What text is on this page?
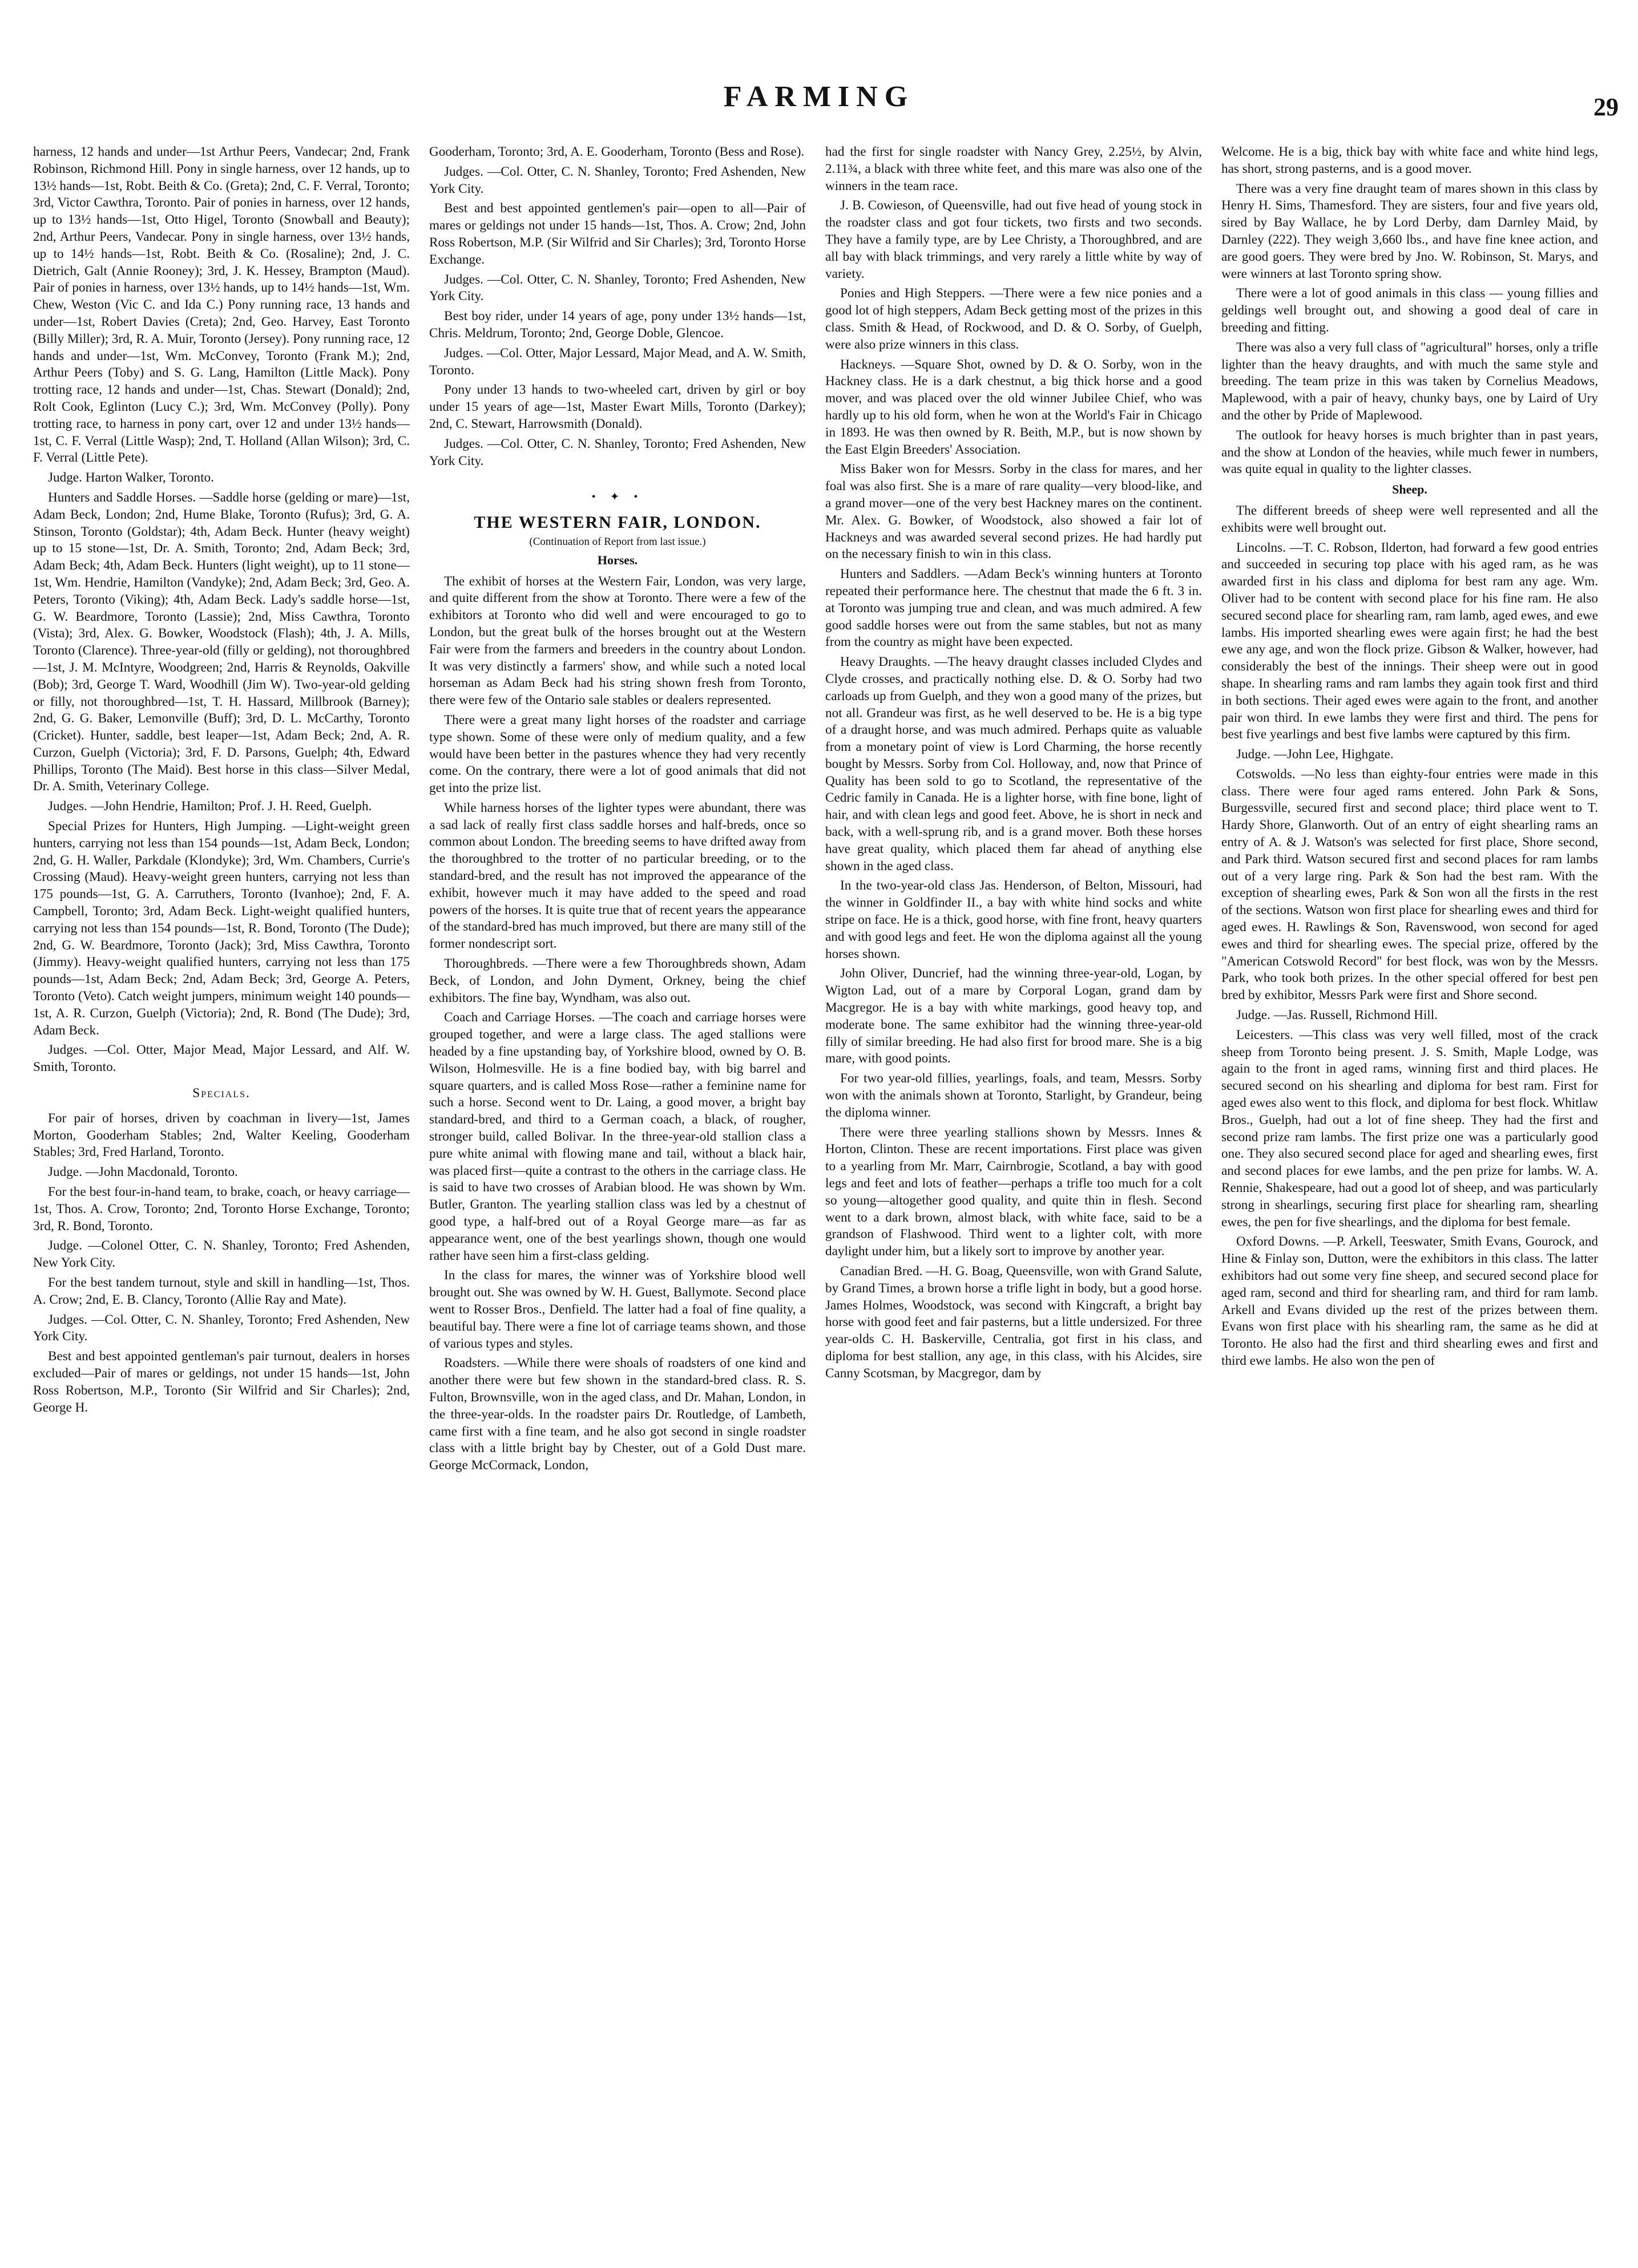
FARMING	29

harness, 12 hands and under—1st Arthur Peers, Vandecar; 2nd, Frank Robinson, Richmond Hill. Pony in single harness, over 12 hands, up to 13½ hands—1st, Robt. Beith & Co. (Greta); 2nd, C. F. Verral, Toronto; 3rd, Victor Cawthra, Toronto. Pair of ponies in harness, over 12 hands, up to 13½ hands—1st, Otto Higel, Toronto (Snowball and Beauty); 2nd, Arthur Peers, Vandecar. Pony in single harness, over 13½ hands, up to 14½ hands—1st, Robt. Beith & Co. (Rosaline); 2nd, J. C. Dietrich, Galt (Annie Rooney); 3rd, J. K. Hessey, Brampton (Maud). Pair of ponies in harness, over 13½ hands, up to 14½ hands—1st, Wm. Chew, Weston (Vic C. and Ida C.) Pony running race, 13 hands and under—1st, Robert Davies (Creta); 2nd, Geo. Harvey, East Toronto (Billy Miller); 3rd, R. A. Muir, Toronto (Jersey). Pony running race, 12 hands and under—1st, Wm. McConvey, Toronto (Frank M.); 2nd, Arthur Peers (Toby) and S. G. Lang, Hamilton (Little Mack). Pony trotting race, 12 hands and under—1st, Chas. Stewart (Donald); 2nd, Rolt Cook, Eglinton (Lucy C.); 3rd, Wm. McConvey (Polly). Pony trotting race, to harness in pony cart, over 12 and under 13½ hands—1st, C. F. Verral (Little Wasp); 2nd, T. Holland (Allan Wilson); 3rd, C. F. Verral (Little Pete).

Judge. Harton Walker, Toronto.

Hunters and Saddle Horses. —Saddle horse (gelding or mare)—1st, Adam Beck, London; 2nd, Hume Blake, Toronto (Rufus); 3rd, G. A. Stinson, Toronto (Goldstar); 4th, Adam Beck. Hunter (heavy weight) up to 15 stone—1st, Dr. A. Smith, Toronto; 2nd, Adam Beck; 3rd, Adam Beck; 4th, Adam Beck. Hunters (light weight), up to 11 stone—1st, Wm. Hendrie, Hamilton (Vandyke); 2nd, Adam Beck; 3rd, Geo. A. Peters, Toronto (Viking); 4th, Adam Beck. Lady's saddle horse—1st, G. W. Beardmore, Toronto (Lassie); 2nd, Miss Cawthra, Toronto (Vista); 3rd, Alex. G. Bowker, Woodstock (Flash); 4th, J. A. Mills, Toronto (Clarence). Three-year-old (filly or gelding), not thoroughbred—1st, J. M. McIntyre, Woodgreen; 2nd, Harris & Reynolds, Oakville (Bob); 3rd, George T. Ward, Woodhill (Jim W). Two-year-old gelding or filly, not thoroughbred—1st, T. H. Hassard, Millbrook (Barney); 2nd, G. G. Baker, Lemonville (Buff); 3rd, D. L. McCarthy, Toronto (Cricket). Hunter, saddle, best leaper—1st, Adam Beck; 2nd, A. R. Curzon, Guelph (Victoria); 3rd, F. D. Parsons, Guelph; 4th, Edward Phillips, Toronto (The Maid). Best horse in this class—Silver Medal, Dr. A. Smith, Veterinary College.

Judges. —John Hendrie, Hamilton; Prof. J. H. Reed, Guelph.

Special Prizes for Hunters, High Jumping. —Light-weight green hunters, carrying not less than 154 pounds—1st, Adam Beck, London; 2nd, G. H. Waller, Parkdale (Klondyke); 3rd, Wm. Chambers, Currie's Crossing (Maud). Heavy-weight green hunters, carrying not less than 175 pounds—1st, G. A. Carruthers, Toronto (Ivanhoe); 2nd, F. A. Campbell, Toronto; 3rd, Adam Beck. Light-weight qualified hunters, carrying not less than 154 pounds—1st, R. Bond, Toronto (The Dude); 2nd, G. W. Beardmore, Toronto (Jack); 3rd, Miss Cawthra, Toronto (Jimmy). Heavy-weight qualified hunters, carrying not less than 175 pounds—1st, Adam Beck; 2nd, Adam Beck; 3rd, George A. Peters, Toronto (Veto). Catch weight jumpers, minimum weight 140 pounds—1st, A. R. Curzon, Guelph (Victoria); 2nd, R. Bond (The Dude); 3rd, Adam Beck.

Judges. —Col. Otter, Major Mead, Major Lessard, and Alf. W. Smith, Toronto.

Specials.

For pair of horses, driven by coachman in livery—1st, James Morton, Gooderham Stables; 2nd, Walter Keeling, Gooderham Stables; 3rd, Fred Harland, Toronto.

Judge. —John Macdonald, Toronto.

For the best four-in-hand team, to brake, coach, or heavy carriage—1st, Thos. A. Crow, Toronto; 2nd, Toronto Horse Exchange, Toronto; 3rd, R. Bond, Toronto.

Judge. —Colonel Otter, C. N. Shanley, Toronto; Fred Ashenden, New York City.

For the best tandem turnout, style and skill in handling—1st, Thos. A. Crow; 2nd, E. B. Clancy, Toronto (Allie Ray and Mate).

Judges. —Col. Otter, C. N. Shanley, Toronto; Fred Ashenden, New York City.

Best and best appointed gentleman's pair turnout, dealers in horses excluded—Pair of mares or geldings, not under 15 hands—1st, John Ross Robertson, M.P., Toronto (Sir Wilfrid and Sir Charles); 2nd, George H.

Gooderham, Toronto; 3rd, A. E. Gooderham, Toronto (Bess and Rose).

Judges. —Col. Otter, C. N. Shanley, Toronto; Fred Ashenden, New York City.

Best and best appointed gentlemen's pair—open to all—Pair of mares or geldings not under 15 hands—1st, Thos. A. Crow; 2nd, John Ross Robertson, M.P. (Sir Wilfrid and Sir Charles); 3rd, Toronto Horse Exchange.

Judges. —Col. Otter, C. N. Shanley, Toronto; Fred Ashenden, New York City.

Best boy rider, under 14 years of age, pony under 13½ hands—1st, Chris. Meldrum, Toronto; 2nd, George Doble, Glencoe.

Judges. —Col. Otter, Major Lessard, Major Mead, and A. W. Smith, Toronto.

Pony under 13 hands to two-wheeled cart, driven by girl or boy under 15 years of age—1st, Master Ewart Mills, Toronto (Darkey); 2nd, C. Stewart, Harrowsmith (Donald).

Judges. —Col. Otter, C. N. Shanley, Toronto; Fred Ashenden, New York City.

• ✦ •
THE WESTERN FAIR, LONDON.
(Continuation of Report from last issue.)
Horses.

The exhibit of horses at the Western Fair, London, was very large, and quite different from the show at Toronto. There were a few of the exhibitors at Toronto who did well and were encouraged to go to London, but the great bulk of the horses brought out at the Western Fair were from the farmers and breeders in the country about London. It was very distinctly a farmers' show, and while such a noted local horseman as Adam Beck had his string shown fresh from Toronto, there were few of the Ontario sale stables or dealers represented.

There were a great many light horses of the roadster and carriage type shown. Some of these were only of medium quality, and a few would have been better in the pastures whence they had very recently come. On the contrary, there were a lot of good animals that did not get into the prize list.

While harness horses of the lighter types were abundant, there was a sad lack of really first class saddle horses and half-breds, once so common about London. The breeding seems to have drifted away from the thoroughbred to the trotter of no particular breeding, or to the standard-bred, and the result has not improved the appearance of the exhibit, however much it may have added to the speed and road powers of the horses. It is quite true that of recent years the appearance of the standard-bred has much improved, but there are many still of the former nondescript sort.

Thoroughbreds. —There were a few Thoroughbreds shown, Adam Beck, of London, and John Dyment, Orkney, being the chief exhibitors. The fine bay, Wyndham, was also out.

Coach and Carriage Horses. —The coach and carriage horses were grouped together, and were a large class. The aged stallions were headed by a fine upstanding bay, of Yorkshire blood, owned by O. B. Wilson, Holmesville. He is a fine bodied bay, with big barrel and square quarters, and is called Moss Rose—rather a feminine name for such a horse. Second went to Dr. Laing, a good mover, a bright bay standard-bred, and third to a German coach, a black, of rougher, stronger build, called Bolivar. In the three-year-old stallion class a pure white animal with flowing mane and tail, without a black hair, was placed first—quite a contrast to the others in the carriage class. He is said to have two crosses of Arabian blood. He was shown by Wm. Butler, Granton. The yearling stallion class was led by a chestnut of good type, a half-bred out of a Royal George mare—as far as appearance went, one of the best yearlings shown, though one would rather have seen him a first-class gelding.

In the class for mares, the winner was of Yorkshire blood well brought out. She was owned by W. H. Guest, Ballymote. Second place went to Rosser Bros., Denfield. The latter had a foal of fine quality, a beautiful bay. There were a fine lot of carriage teams shown, and those of various types and styles.

Roadsters. —While there were shoals of roadsters of one kind and another there were but few shown in the standard-bred class. R. S. Fulton, Brownsville, won in the aged class, and Dr. Mahan, London, in the three-year-olds. In the roadster pairs Dr. Routledge, of Lambeth, came first with a fine team, and he also got second in single roadster class with a little bright bay by Chester, out of a Gold Dust mare. George McCormack, London,

had the first for single roadster with Nancy Grey, 2.25½, by Alvin, 2.11¾, a black with three white feet, and this mare was also one of the winners in the team race.

J. B. Cowieson, of Queensville, had out five head of young stock in the roadster class and got four tickets, two firsts and two seconds. They have a family type, are by Lee Christy, a Thoroughbred, and are all bay with black trimmings, and very rarely a little white by way of variety.

Ponies and High Steppers. —There were a few nice ponies and a good lot of high steppers, Adam Beck getting most of the prizes in this class. Smith & Head, of Rockwood, and D. & O. Sorby, of Guelph, were also prize winners in this class.

Hackneys. —Square Shot, owned by D. & O. Sorby, won in the Hackney class. He is a dark chestnut, a big thick horse and a good mover, and was placed over the old winner Jubilee Chief, who was hardly up to his old form, when he won at the World's Fair in Chicago in 1893. He was then owned by R. Beith, M.P., but is now shown by the East Elgin Breeders' Association.

Miss Baker won for Messrs. Sorby in the class for mares, and her foal was also first. She is a mare of rare quality—very blood-like, and a grand mover—one of the very best Hackney mares on the continent. Mr. Alex. G. Bowker, of Woodstock, also showed a fair lot of Hackneys and was awarded several second prizes. He had hardly put on the necessary finish to win in this class.

Hunters and Saddlers. —Adam Beck's winning hunters at Toronto repeated their performance here. The chestnut that made the 6 ft. 3 in. at Toronto was jumping true and clean, and was much admired. A few good saddle horses were out from the same stables, but not as many from the country as might have been expected.

Heavy Draughts. —The heavy draught classes included Clydes and Clyde crosses, and practically nothing else. D. & O. Sorby had two carloads up from Guelph, and they won a good many of the prizes, but not all. Grandeur was first, as he well deserved to be. He is a big type of a draught horse, and was much admired. Perhaps quite as valuable from a monetary point of view is Lord Charming, the horse recently bought by Messrs. Sorby from Col. Holloway, and, now that Prince of Quality has been sold to go to Scotland, the representative of the Cedric family in Canada. He is a lighter horse, with fine bone, light of hair, and with clean legs and good feet. Above, he is short in neck and back, with a well-sprung rib, and is a grand mover. Both these horses have great quality, which placed them far ahead of anything else shown in the aged class.

In the two-year-old class Jas. Henderson, of Belton, Missouri, had the winner in Goldfinder II., a bay with white hind socks and white stripe on face. He is a thick, good horse, with fine front, heavy quarters and with good legs and feet. He won the diploma against all the young horses shown.

John Oliver, Duncrief, had the winning three-year-old, Logan, by Wigton Lad, out of a mare by Corporal Logan, grand dam by Macgregor. He is a bay with white markings, good heavy top, and moderate bone. The same exhibitor had the winning three-year-old filly of similar breeding. He had also first for brood mare. She is a big mare, with good points.

For two year-old fillies, yearlings, foals, and team, Messrs. Sorby won with the animals shown at Toronto, Starlight, by Grandeur, being the diploma winner.

There were three yearling stallions shown by Messrs. Innes & Horton, Clinton. These are recent importations. First place was given to a yearling from Mr. Marr, Cairnbrogie, Scotland, a bay with good legs and feet and lots of feather—perhaps a trifle too much for a colt so young—altogether good quality, and quite thin in flesh. Second went to a dark brown, almost black, with white face, said to be a grandson of Flashwood. Third went to a lighter colt, with more daylight under him, but a likely sort to improve by another year.

Canadian Bred. —H. G. Boag, Queensville, won with Grand Salute, by Grand Times, a brown horse a trifle light in body, but a good horse. James Holmes, Woodstock, was second with Kingcraft, a bright bay horse with good feet and fair pasterns, but a little undersized. For three year-olds C. H. Baskerville, Centralia, got first in his class, and diploma for best stallion, any age, in this class, with his Alcides, sire Canny Scotsman, by Macgregor, dam by

Welcome. He is a big, thick bay with white face and white hind legs, has short, strong pasterns, and is a good mover.

There was a very fine draught team of mares shown in this class by Henry H. Sims, Thamesford. They are sisters, four and five years old, sired by Bay Wallace, he by Lord Derby, dam Darnley Maid, by Darnley (222). They weigh 3,660 lbs., and have fine knee action, and are good goers. They were bred by Jno. W. Robinson, St. Marys, and were winners at last Toronto spring show.

There were a lot of good animals in this class — young fillies and geldings well brought out, and showing a good deal of care in breeding and fitting.

There was also a very full class of "agricultural" horses, only a trifle lighter than the heavy draughts, and with much the same style and breeding. The team prize in this was taken by Cornelius Meadows, Maplewood, with a pair of heavy, chunky bays, one by Laird of Ury and the other by Pride of Maplewood.

The outlook for heavy horses is much brighter than in past years, and the show at London of the heavies, while much fewer in numbers, was quite equal in quality to the lighter classes.

Sheep.

The different breeds of sheep were well represented and all the exhibits were well brought out.

Lincolns. —T. C. Robson, Ilderton, had forward a few good entries and succeeded in securing top place with his aged ram, as he was awarded first in his class and diploma for best ram any age. Wm. Oliver had to be content with second place for his fine ram. He also secured second place for shearling ram, ram lamb, aged ewes, and ewe lambs. His imported shearling ewes were again first; he had the best ewe any age, and won the flock prize. Gibson & Walker, however, had considerably the best of the innings. Their sheep were out in good shape. In shearling rams and ram lambs they again took first and third in both sections. Their aged ewes were again to the front, and another pair won third. In ewe lambs they were first and third. The pens for best five yearlings and best five lambs were captured by this firm.

Judge. —John Lee, Highgate.

Cotswolds. —No less than eighty-four entries were made in this class. There were four aged rams entered. John Park & Sons, Burgessville, secured first and second place; third place went to T. Hardy Shore, Glanworth. Out of an entry of eight shearling rams an entry of A. & J. Watson's was selected for first place, Shore second, and Park third. Watson secured first and second places for ram lambs out of a very large ring. Park & Son had the best ram. With the exception of shearling ewes, Park & Son won all the firsts in the rest of the sections. Watson won first place for shearling ewes and third for aged ewes. H. Rawlings & Son, Ravenswood, won second for aged ewes and third for shearling ewes. The special prize, offered by the "American Cotswold Record" for best flock, was won by the Messrs. Park, who took both prizes. In the other special offered for best pen bred by exhibitor, Messrs Park were first and Shore second.

Judge. —Jas. Russell, Richmond Hill.

Leicesters. —This class was very well filled, most of the crack sheep from Toronto being present. J. S. Smith, Maple Lodge, was again to the front in aged rams, winning first and third places. He secured second on his shearling and diploma for best ram. First for aged ewes also went to this flock, and diploma for best flock. Whitlaw Bros., Guelph, had out a lot of fine sheep. They had the first and second prize ram lambs. The first prize one was a particularly good one. They also secured second place for aged and shearling ewes, first and second places for ewe lambs, and the pen prize for lambs. W. A. Rennie, Shakespeare, had out a good lot of sheep, and was particularly strong in shearlings, securing first place for shearling ram, shearling ewes, the pen for five shearlings, and the diploma for best female.

Oxford Downs. —P. Arkell, Teeswater, Smith Evans, Gourock, and Hine & Finlay son, Dutton, were the exhibitors in this class. The latter exhibitors had out some very fine sheep, and secured second place for aged ram, second and third for shearling ram, and third for ram lamb. Arkell and Evans divided up the rest of the prizes between them. Evans won first place with his shearling ram, the same as he did at Toronto. He also had the first and third shearling ewes and first and third ewe lambs. He also won the pen of
